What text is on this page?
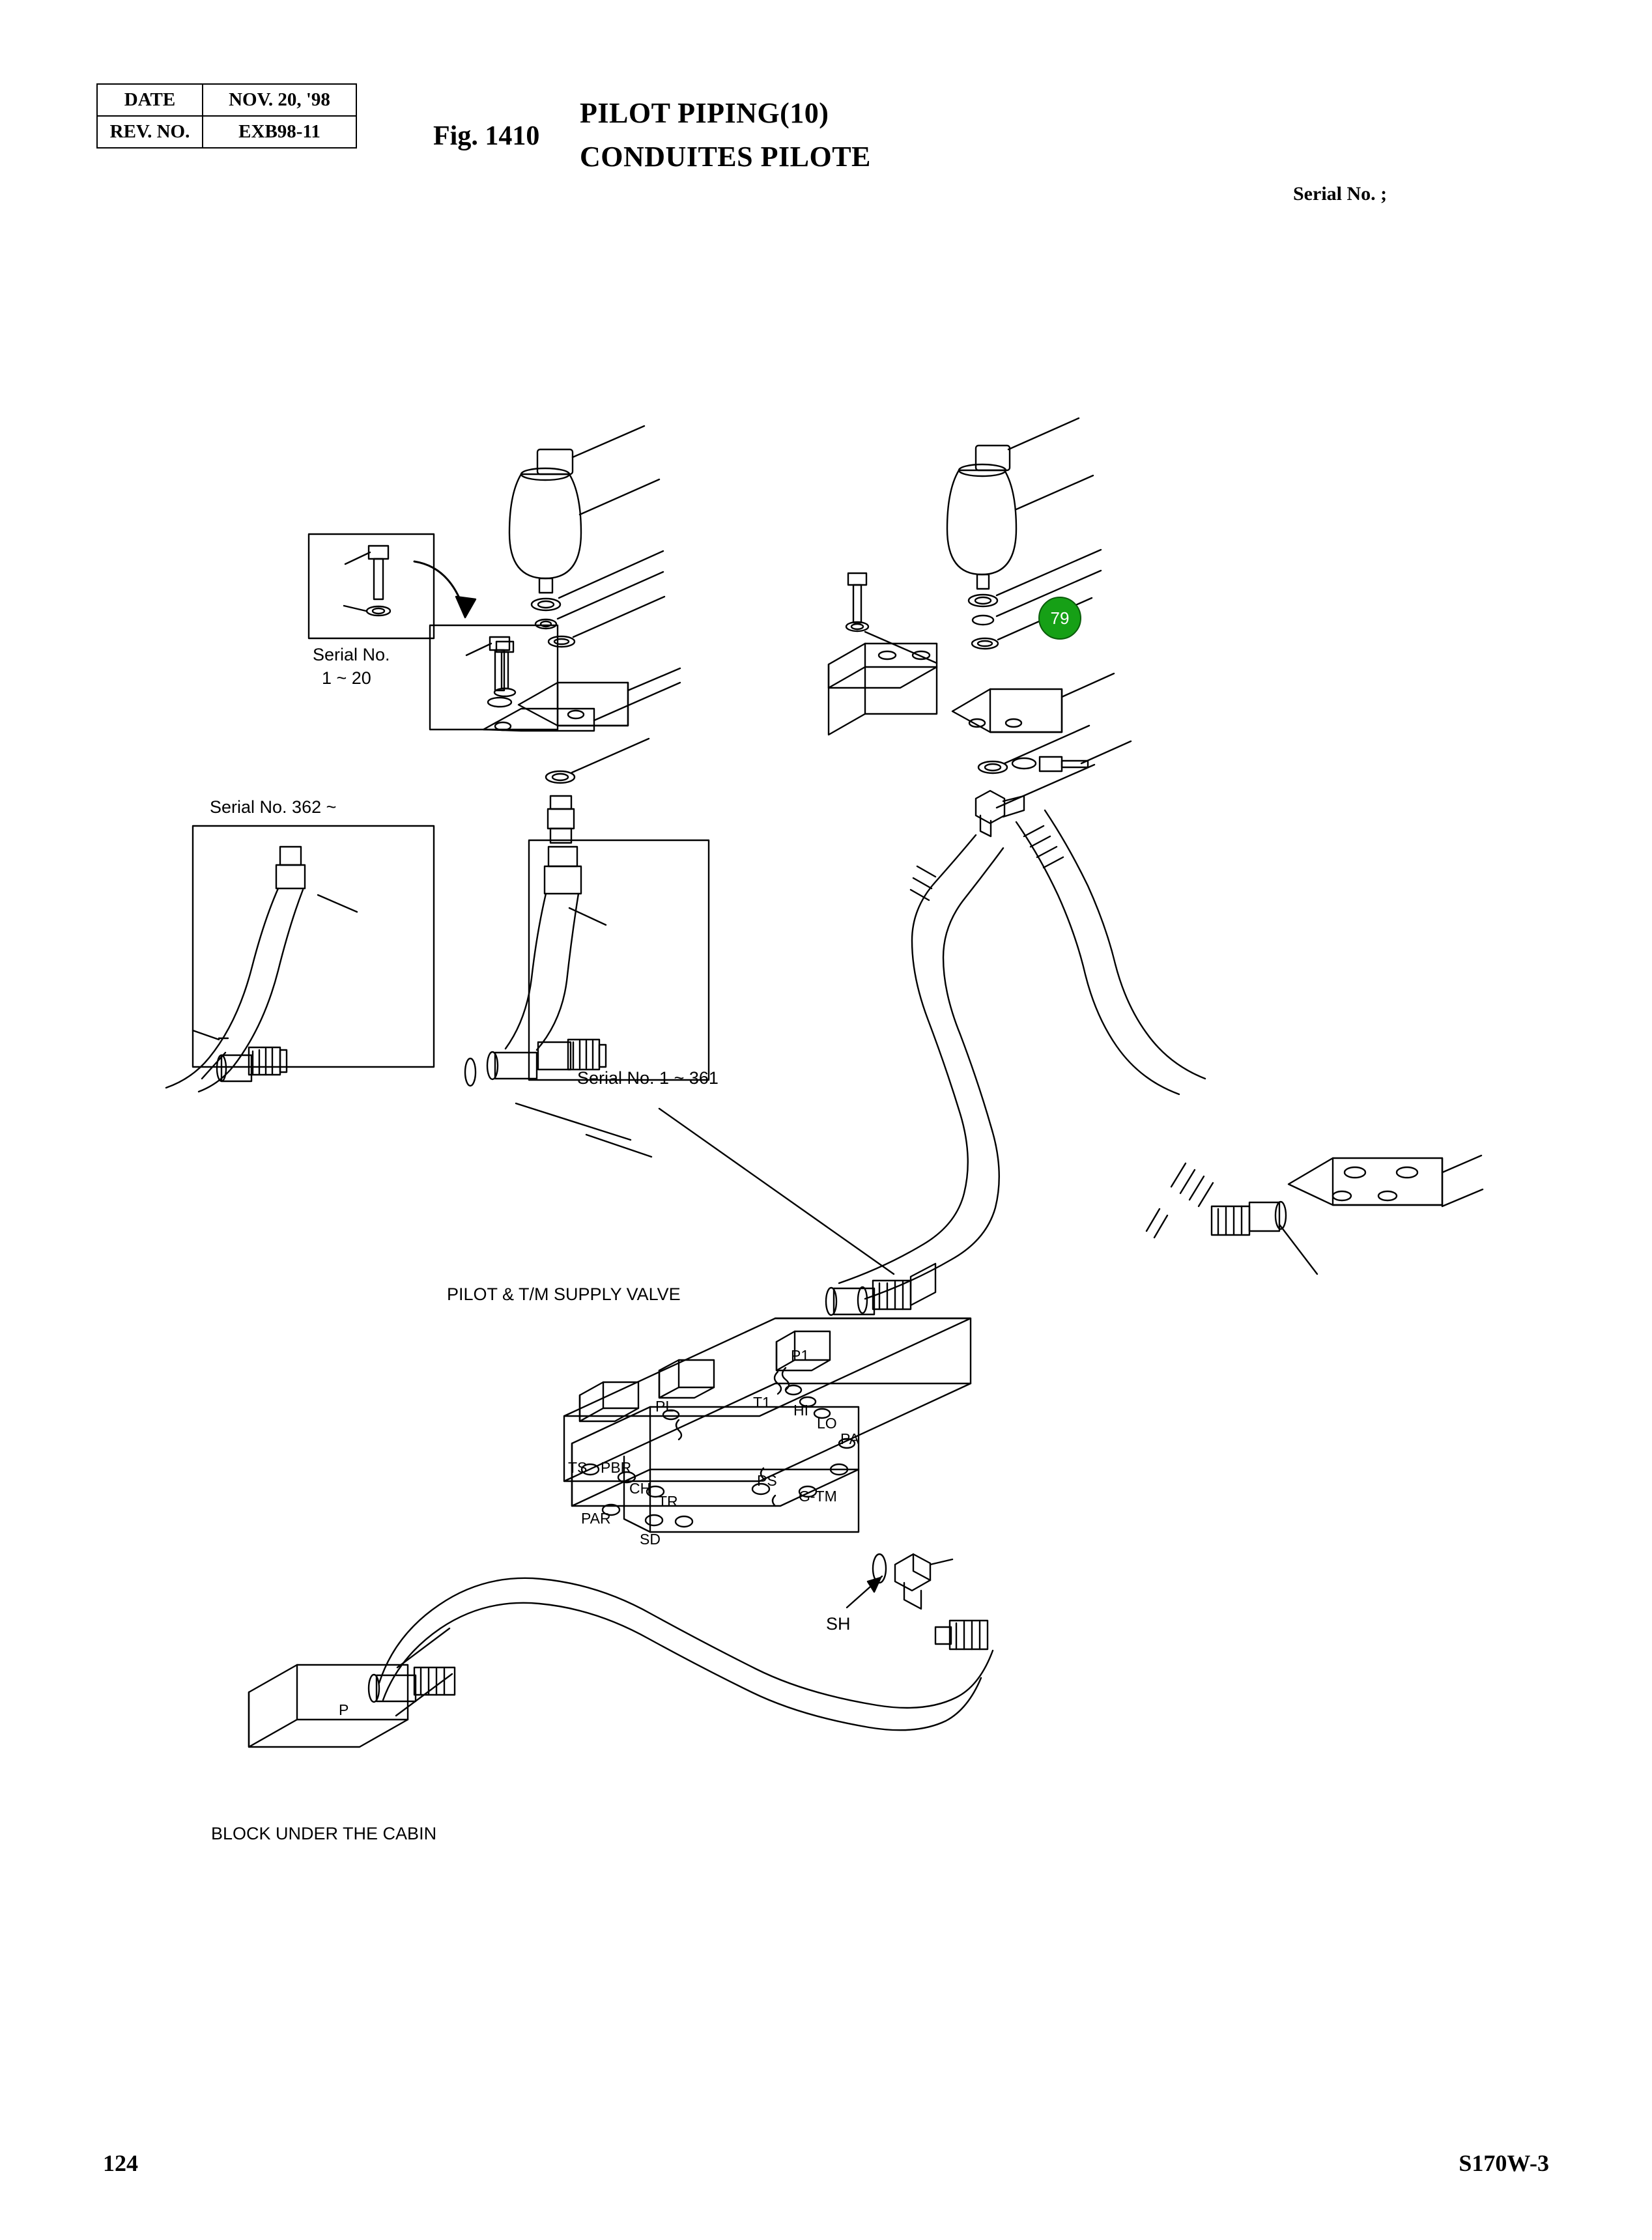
DATE	NOV. 20, '98
REV. NO.	EXB98-11	Fig. 1410
PILOT PIPING(10)
CONDUITES PILOTE
Serial No. ;
Serial No.
1 ~ 20
Serial No. 362 ~
Serial No. 1 ~ 361
PILOT & T/M SUPPLY VALVE
BLOCK UNDER THE CABIN
P1
T1 HI
LO
PL
PA
PS
G-TM
TS PBR
CH
TR
PAR
SD
SH
P
79
124	S170W-3
